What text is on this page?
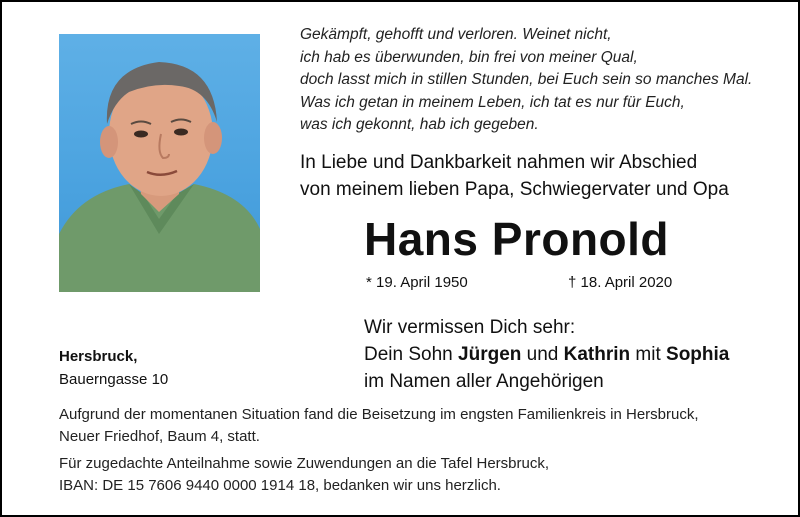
Gekämpft, gehofft und verloren. Weinet nicht,
ich hab es überwunden, bin frei von meiner Qual,
doch lasst mich in stillen Stunden, bei Euch sein so manches Mal.
Was ich getan in meinem Leben, ich tat es nur für Euch,
was ich gekonnt, hab ich gegeben.
In Liebe und Dankbarkeit nahmen wir Abschied
von meinem lieben Papa, Schwiegervater und Opa
Hans Pronold
* 19. April 1950	† 18. April 2020
Wir vermissen Dich sehr:
Dein Sohn Jürgen und Kathrin mit Sophia
im Namen aller Angehörigen
Hersbruck,
Bauerngasse 10
Aufgrund der momentanen Situation fand die Beisetzung im engsten Familienkreis in Hersbruck,
Neuer Friedhof, Baum 4, statt.
Für zugedachte Anteilnahme sowie Zuwendungen an die Tafel Hersbruck,
IBAN: DE 15 7606 9440 0000 1914 18, bedanken wir uns herzlich.
